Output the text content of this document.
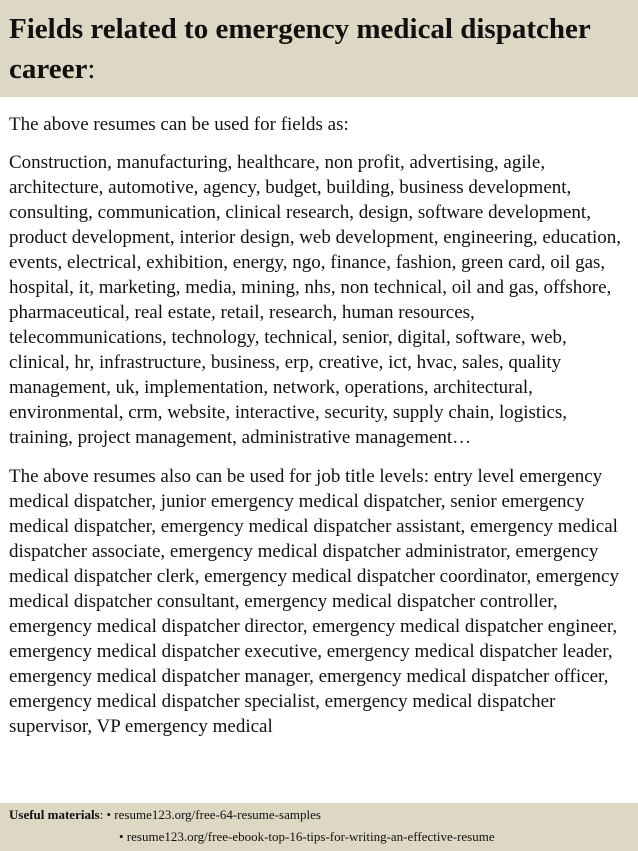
Fields related to emergency medical dispatcher career:

The above resumes can be used for fields as:

Construction, manufacturing, healthcare, non profit, advertising, agile, architecture, automotive, agency, budget, building, business development, consulting, communication, clinical research, design, software development, product development, interior design, web development, engineering, education, events, electrical, exhibition, energy, ngo, finance, fashion, green card, oil gas, hospital, it, marketing, media, mining, nhs, non technical, oil and gas, offshore, pharmaceutical, real estate, retail, research, human resources, telecommunications, technology, technical, senior, digital, software, web, clinical, hr, infrastructure, business, erp, creative, ict, hvac, sales, quality management, uk, implementation, network, operations, architectural, environmental, crm, website, interactive, security, supply chain, logistics, training, project management, administrative management…

The above resumes also can be used for job title levels: entry level emergency medical dispatcher, junior emergency medical dispatcher, senior emergency medical dispatcher, emergency medical dispatcher assistant, emergency medical dispatcher associate, emergency medical dispatcher administrator, emergency medical dispatcher clerk, emergency medical dispatcher coordinator, emergency medical dispatcher consultant, emergency medical dispatcher controller, emergency medical dispatcher director, emergency medical dispatcher engineer, emergency medical dispatcher executive, emergency medical dispatcher leader, emergency medical dispatcher manager, emergency medical dispatcher officer, emergency medical dispatcher specialist, emergency medical dispatcher supervisor, VP emergency medical

Useful materials: • resume123.org/free-64-resume-samples
• resume123.org/free-ebook-top-16-tips-for-writing-an-effective-resume
